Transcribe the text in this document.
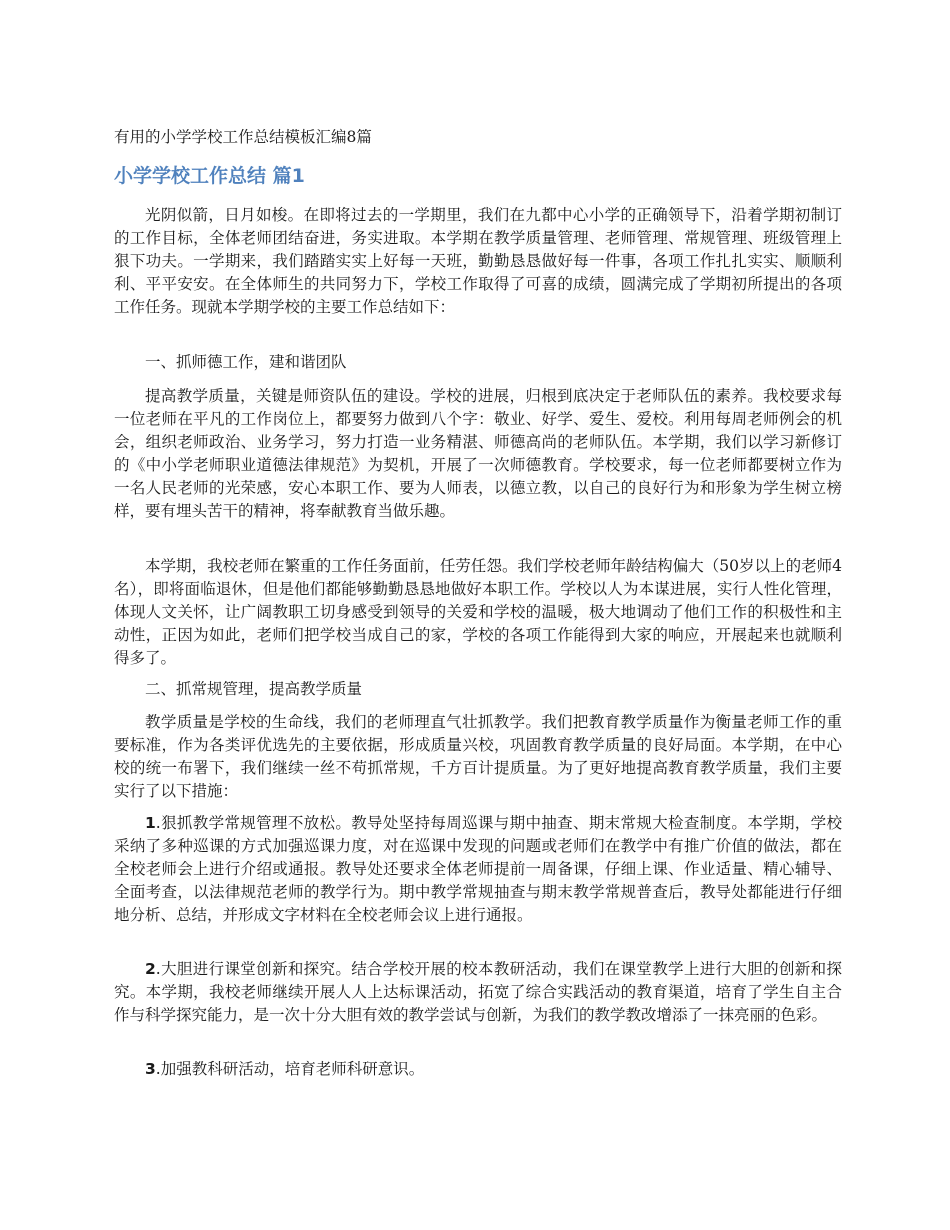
有用的小学学校工作总结模板汇编8篇
小学学校工作总结 篇1

光阴似箭，日月如梭。在即将过去的一学期里，我们在九都中心小学的正确领导下，沿着学期初制订的工作目标，全体老师团结奋进，务实进取。本学期在教学质量管理、老师管理、常规管理、班级管理上狠下功夫。一学期来，我们踏踏实实上好每一天班，勤勤恳恳做好每一件事，各项工作扎扎实实、顺顺利利、平平安安。在全体师生的共同努力下，学校工作取得了可喜的成绩，圆满完成了学期初所提出的各项工作任务。现就本学期学校的主要工作总结如下：

一、抓师德工作，建和谐团队

提高教学质量，关键是师资队伍的建设。学校的进展，归根到底决定于老师队伍的素养。我校要求每一位老师在平凡的工作岗位上，都要努力做到八个字：敬业、好学、爱生、爱校。利用每周老师例会的机会，组织老师政治、业务学习，努力打造一业务精湛、师德高尚的老师队伍。本学期，我们以学习新修订的《中小学老师职业道德法律规范》为契机，开展了一次师德教育。学校要求，每一位老师都要树立作为一名人民老师的光荣感，安心本职工作、要为人师表，以德立教，以自己的良好行为和形象为学生树立榜样，要有埋头苦干的精神，将奉献教育当做乐趣。

本学期，我校老师在繁重的工作任务面前，任劳任怨。我们学校老师年龄结构偏大（50岁以上的老师4名），即将面临退休，但是他们都能够勤勤恳恳地做好本职工作。学校以人为本谋进展，实行人性化管理，体现人文关怀，让广阔教职工切身感受到领导的关爱和学校的温暖，极大地调动了他们工作的积极性和主动性，正因为如此，老师们把学校当成自己的家，学校的各项工作能得到大家的响应，开展起来也就顺利得多了。

二、抓常规管理，提高教学质量

教学质量是学校的生命线，我们的老师理直气壮抓教学。我们把教育教学质量作为衡量老师工作的重要标准，作为各类评优选先的主要依据，形成质量兴校，巩固教育教学质量的良好局面。本学期，在中心校的统一布署下，我们继续一丝不苟抓常规，千方百计提质量。为了更好地提高教育教学质量，我们主要实行了以下措施：

1.狠抓教学常规管理不放松。教导处坚持每周巡课与期中抽查、期末常规大检查制度。本学期，学校采纳了多种巡课的方式加强巡课力度，对在巡课中发现的问题或老师们在教学中有推广价值的做法，都在全校老师会上进行介绍或通报。教导处还要求全体老师提前一周备课，仔细上课、作业适量、精心辅导、全面考查，以法律规范老师的教学行为。期中教学常规抽查与期末教学常规普查后，教导处都能进行仔细地分析、总结，并形成文字材料在全校老师会议上进行通报。

2.大胆进行课堂创新和探究。结合学校开展的校本教研活动，我们在课堂教学上进行大胆的创新和探究。本学期，我校老师继续开展人人上达标课活动，拓宽了综合实践活动的教育渠道，培育了学生自主合作与科学探究能力，是一次十分大胆有效的教学尝试与创新，为我们的教学教改增添了一抹亮丽的色彩。

3.加强教科研活动，培育老师科研意识。
